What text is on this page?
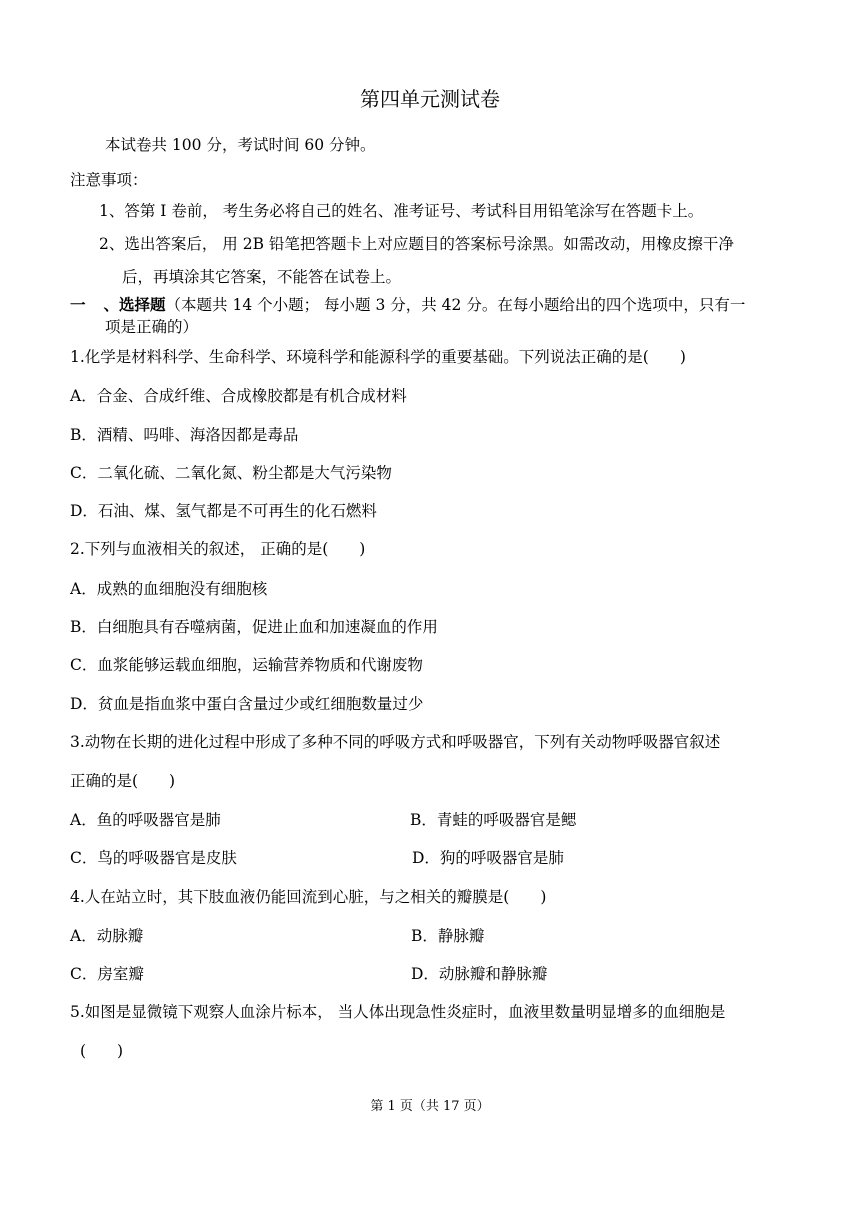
第四单元测试卷
本试卷共 100 分，考试时间 60 分钟。
注意事项：
1、答第 Ⅰ 卷前， 考生务必将自己的姓名、准考证号、考试科目用铅笔涂写在答题卡上。
2、选出答案后， 用 2B 铅笔把答题卡上对应题目的答案标号涂黑。如需改动，用橡皮擦干净
后，再填涂其它答案，不能答在试卷上。
一 、选择题（本题共 14 个小题； 每小题 3 分，共 42 分。在每小题给出的四个选项中，只有一
项是正确的）
1.化学是材料科学、生命科学、环境科学和能源科学的重要基础。下列说法正确的是(　　)
A．合金、合成纤维、合成橡胶都是有机合成材料
B．酒精、吗啡、海洛因都是毒品
C．二氧化硫、二氧化氮、粉尘都是大气污染物
D．石油、煤、氢气都是不可再生的化石燃料
2.下列与血液相关的叙述， 正确的是(　　)
A．成熟的血细胞没有细胞核
B．白细胞具有吞噬病菌，促进止血和加速凝血的作用
C．血浆能够运载血细胞，运输营养物质和代谢废物
D．贫血是指血浆中蛋白含量过少或红细胞数量过少
3.动物在长期的进化过程中形成了多种不同的呼吸方式和呼吸器官，下列有关动物呼吸器官叙述
正确的是(　　)
A．鱼的呼吸器官是肺	B．青蛙的呼吸器官是鳃
C．鸟的呼吸器官是皮肤	D．狗的呼吸器官是肺
4.人在站立时，其下肢血液仍能回流到心脏，与之相关的瓣膜是(　　)
A．动脉瓣	B．静脉瓣
C．房室瓣	D．动脉瓣和静脉瓣
5.如图是显微镜下观察人血涂片标本， 当人体出现急性炎症时，血液里数量明显增多的血细胞是
(　　)
第 1 页（共 17 页）
